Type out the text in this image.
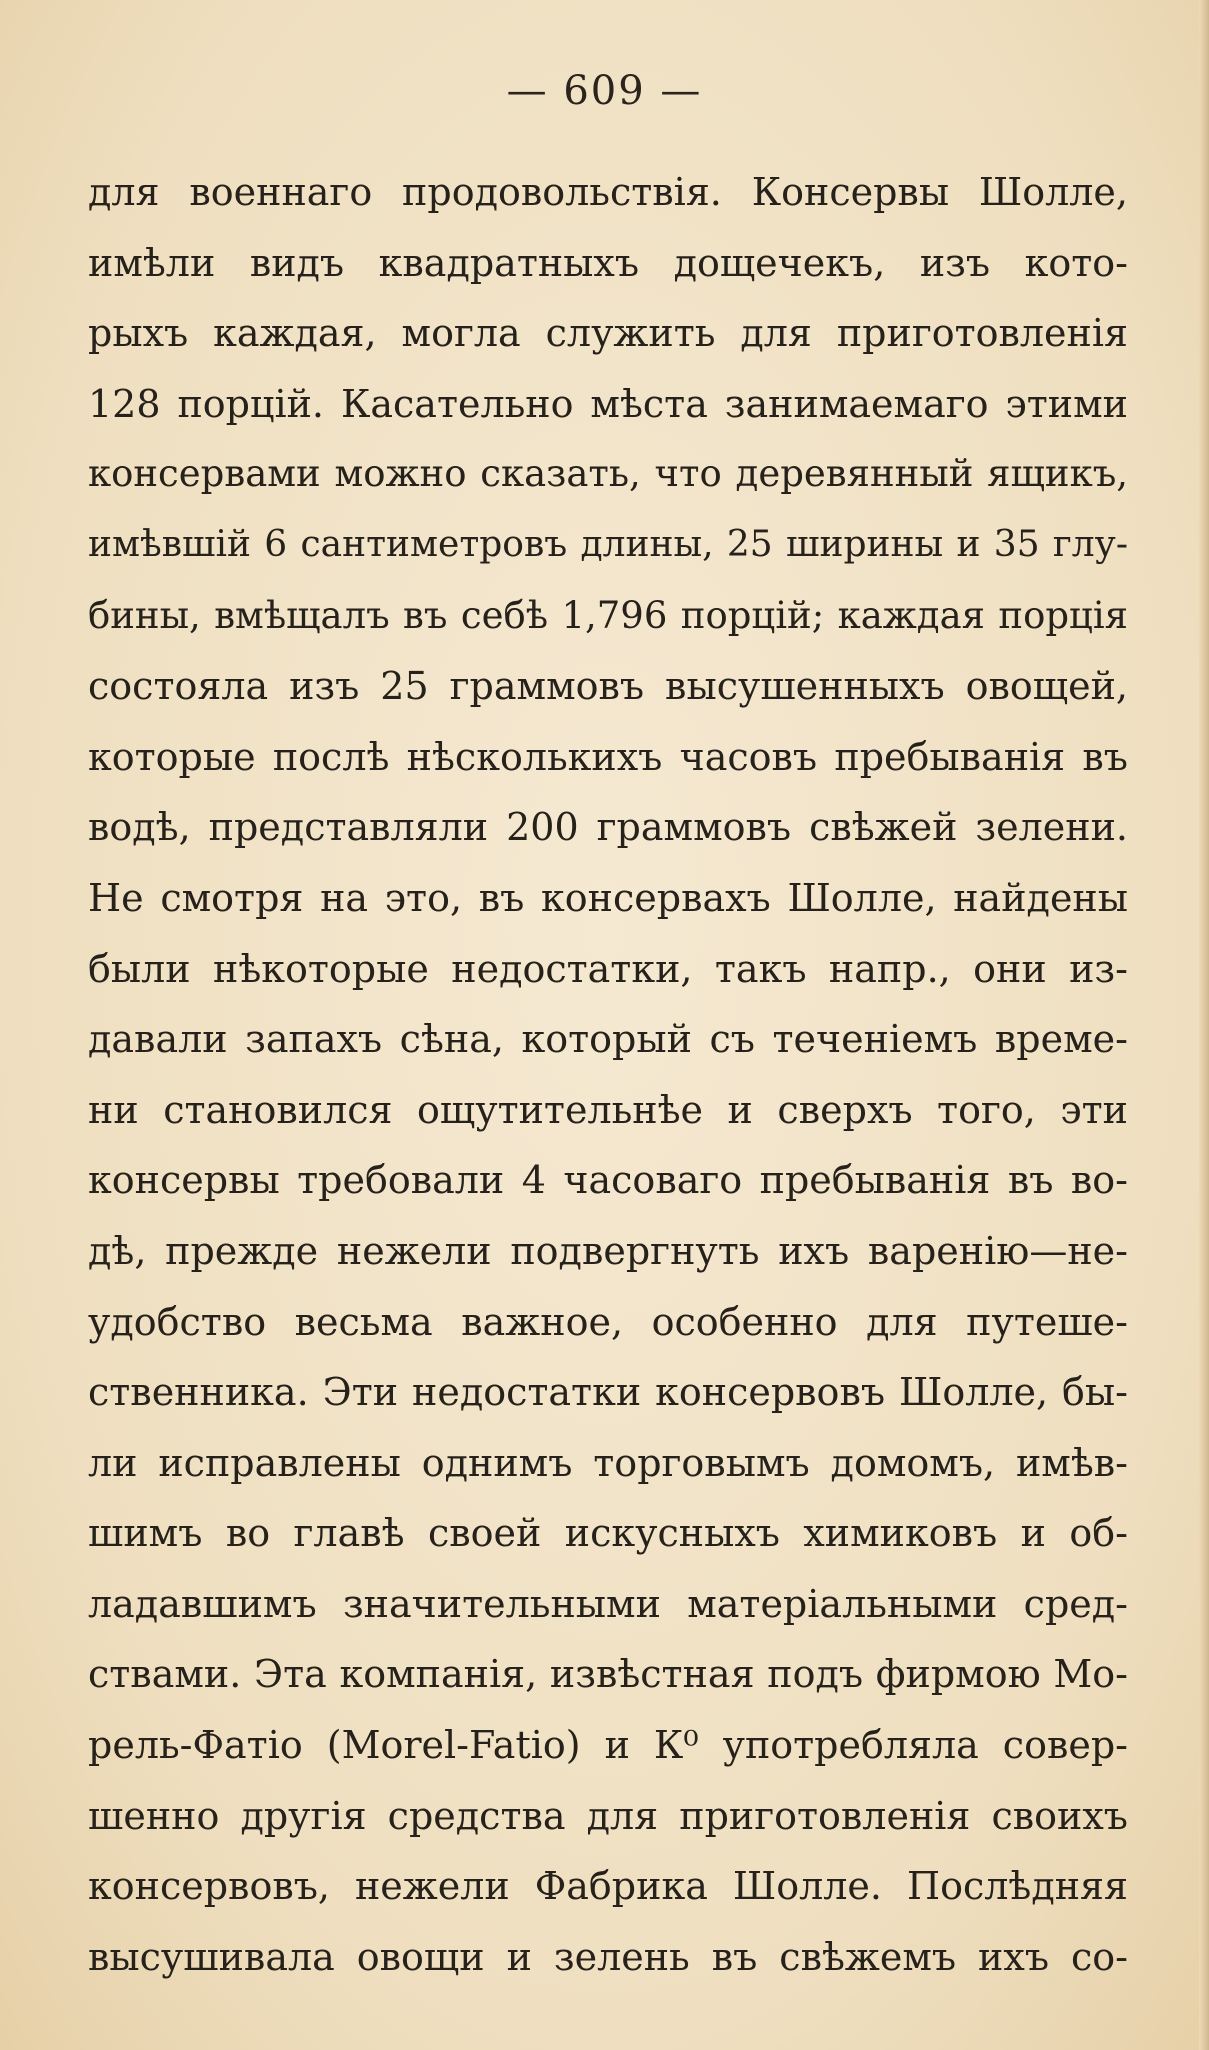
— 609 —
для военнаго продовольствія. Консервы Шолле,
имѣли видъ квадратныхъ дощечекъ, изъ кото-
рыхъ каждая, могла служить для приготовленія
128 порцій. Касательно мѣста занимаемаго этими
консервами можно сказать, что деревянный ящикъ,
имѣвшій 6 сантиметровъ длины, 25 ширины и 35 глу-
бины, вмѣщалъ въ себѣ 1,796 порцій; каждая порція
состояла изъ 25 граммовъ высушенныхъ овощей,
которые послѣ нѣсколькихъ часовъ пребыванія въ
водѣ, представляли 200 граммовъ свѣжей зелени.
Не смотря на это, въ консервахъ Шолле, найдены
были нѣкоторые недостатки, такъ напр., они из-
давали запахъ сѣна, который съ теченіемъ време-
ни становился ощутительнѣе и сверхъ того, эти
консервы требовали 4 часоваго пребыванія въ во-
дѣ, прежде нежели подвергнуть ихъ варенію—не-
удобство весьма важное, особенно для путеше-
ственника. Эти недостатки консервовъ Шолле, бы-
ли исправлены однимъ торговымъ домомъ, имѣв-
шимъ во главѣ своей искусныхъ химиковъ и об-
ладавшимъ значительными матеріальными сред-
ствами. Эта компанія, извѣстная подъ фирмою Мо-
рель-Фатіо (Morel-Fatio) и К⁰ употребляла совер-
шенно другія средства для приготовленія своихъ
консервовъ, нежели Фабрика Шолле. Послѣдняя
высушивала овощи и зелень въ свѣжемъ ихъ со-
